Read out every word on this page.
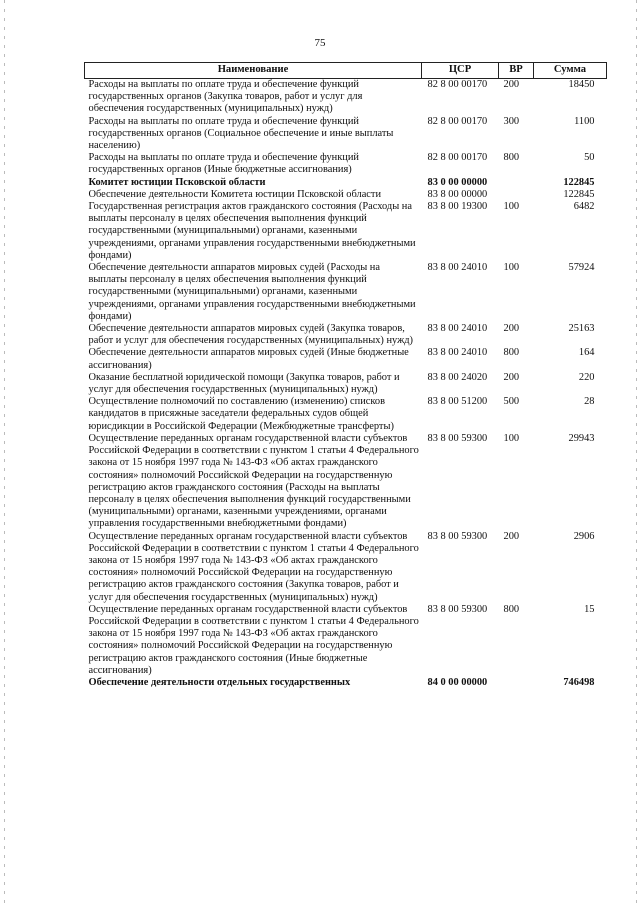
75
Наименование	ЦСР	ВР	Сумма
Расходы на выплаты по оплате труда и обеспечение функций государственных органов (Закупка товаров, работ и услуг для обеспечения государственных (муниципальных) нужд)	82 8 00 00170	200	18450
Расходы на выплаты по оплате труда и обеспечение функций государственных органов (Социальное обеспечение и иные выплаты населению)	82 8 00 00170	300	1100
Расходы на выплаты по оплате труда и обеспечение функций государственных органов (Иные бюджетные ассигнования)	82 8 00 00170	800	50
Комитет юстиции Псковской области	83 0 00 00000		122845
Обеспечение деятельности Комитета юстиции Псковской области	83 8 00 00000		122845
Государственная регистрация актов гражданского состояния (Расходы на выплаты персоналу в целях обеспечения выполнения функций государственными (муниципальными) органами, казенными учреждениями, органами управления государственными внебюджетными фондами)	83 8 00 19300	100	6482
Обеспечение деятельности аппаратов мировых судей (Расходы на выплаты персоналу в целях обеспечения выполнения функций государственными (муниципальными) органами, казенными учреждениями, органами управления государственными внебюджетными фондами)	83 8 00 24010	100	57924
Обеспечение деятельности аппаратов мировых судей (Закупка товаров, работ и услуг для обеспечения государственных (муниципальных) нужд)	83 8 00 24010	200	25163
Обеспечение деятельности аппаратов мировых судей (Иные бюджетные ассигнования)	83 8 00 24010	800	164
Оказание бесплатной юридической помощи (Закупка товаров, работ и услуг для обеспечения государственных (муниципальных) нужд)	83 8 00 24020	200	220
Осуществление полномочий по составлению (изменению) списков кандидатов в присяжные заседатели федеральных судов общей юрисдикции в Российской Федерации (Межбюджетные трансферты)	83 8 00 51200	500	28
Осуществление переданных органам государственной власти субъектов Российской Федерации в соответствии с пунктом 1 статьи 4 Федерального закона от 15 ноября 1997 года № 143-ФЗ «Об актах гражданского состояния» полномочий Российской Федерации на государственную регистрацию актов гражданского состояния (Расходы на выплаты персоналу в целях обеспечения выполнения функций государственными (муниципальными) органами, казенными учреждениями, органами управления государственными внебюджетными фондами)	83 8 00 59300	100	29943
Осуществление переданных органам государственной власти субъектов Российской Федерации в соответствии с пунктом 1 статьи 4 Федерального закона от 15 ноября 1997 года № 143-ФЗ «Об актах гражданского состояния» полномочий Российской Федерации на государственную регистрацию актов гражданского состояния (Закупка товаров, работ и услуг для обеспечения государственных (муниципальных) нужд)	83 8 00 59300	200	2906
Осуществление переданных органам государственной власти субъектов Российской Федерации в соответствии с пунктом 1 статьи 4 Федерального закона от 15 ноября 1997 года № 143-ФЗ «Об актах гражданского состояния» полномочий Российской Федерации на государственную регистрацию актов гражданского состояния (Иные бюджетные ассигнования)	83 8 00 59300	800	15
Обеспечение деятельности отдельных государственных	84 0 00 00000		746498
